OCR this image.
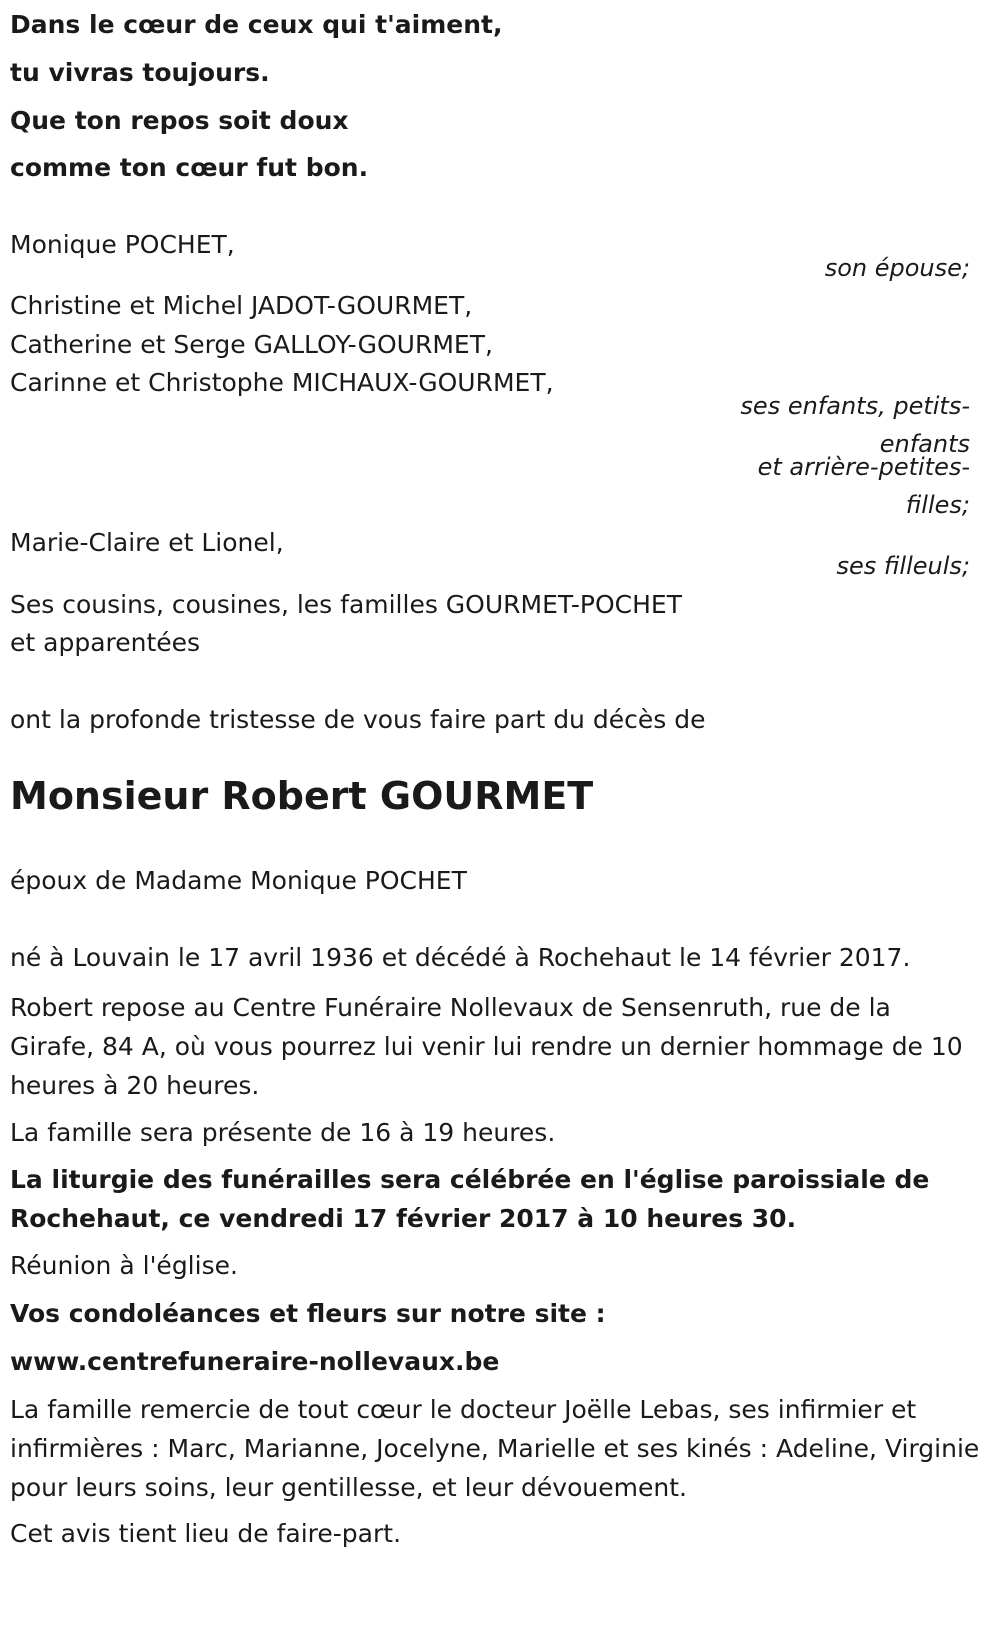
Dans le cœur de ceux qui t'aiment,

tu vivras toujours.

Que ton repos soit doux

comme ton cœur fut bon.

Monique POCHET,

son épouse;

Christine et Michel JADOT-GOURMET,

Catherine et Serge GALLOY-GOURMET,

Carinne et Christophe MICHAUX-GOURMET,

ses enfants, petits-

enfants

et arrière-petites-

filles;

Marie-Claire et Lionel,

ses filleuls;

Ses cousins, cousines, les familles GOURMET-POCHET

et apparentées

ont la profonde tristesse de vous faire part du décès de

Monsieur Robert GOURMET

époux de Madame Monique POCHET

né à Louvain le 17 avril 1936 et décédé à Rochehaut le 14 février 2017.

Robert repose au Centre Funéraire Nollevaux de Sensenruth, rue de la Girafe, 84 A, où vous pourrez lui venir lui rendre un dernier hommage de 10 heures à 20 heures.

La famille sera présente de 16 à 19 heures.

La liturgie des funérailles sera célébrée en l'église paroissiale de Rochehaut, ce vendredi 17 février 2017 à 10 heures 30.

Réunion à l'église.

Vos condoléances et fleurs sur notre site :

www.centrefuneraire-nollevaux.be

La famille remercie de tout cœur le docteur Joëlle Lebas, ses infirmier et infirmières : Marc, Marianne, Jocelyne, Marielle et ses kinés : Adeline, Virginie pour leurs soins, leur gentillesse, et leur dévouement.

Cet avis tient lieu de faire-part.
